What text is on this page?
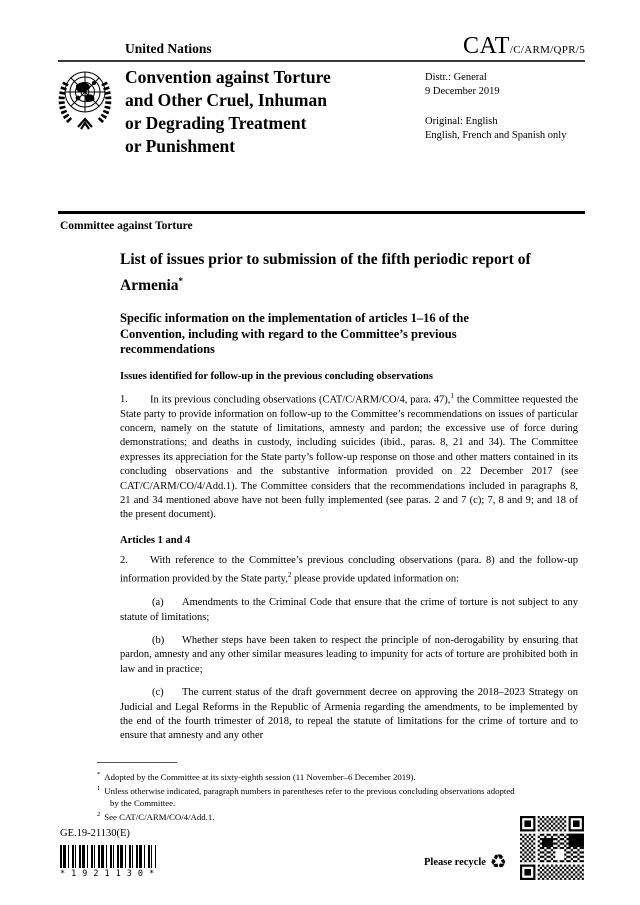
United Nations	CAT/C/ARM/QPR/5
Convention against Torture
and Other Cruel, Inhuman
or Degrading Treatment
or Punishment
Distr.: General
9 December 2019
Original: English
English, French and Spanish only
Committee against Torture
List of issues prior to submission of the fifth periodic report of Armenia*
Specific information on the implementation of articles 1–16 of the Convention, including with regard to the Committee’s previous recommendations
Issues identified for follow-up in the previous concluding observations

1. In its previous concluding observations (CAT/C/ARM/CO/4, para. 47),$^1$ the Committee requested the State party to provide information on follow-up to the Committee’s recommendations on issues of particular concern, namely on the statute of limitations, amnesty and pardon; the excessive use of force during demonstrations; and deaths in custody, including suicides (ibid., paras. 8, 21 and 34). The Committee expresses its appreciation for the State party’s follow-up response on those and other matters contained in its concluding observations and the substantive information provided on 22 December 2017 (see CAT/C/ARM/CO/4/Add.1). The Committee considers that the recommendations included in paragraphs 8, 21 and 34 mentioned above have not been fully implemented (see paras. 2 and 7 (c); 7, 8 and 9; and 18 of the present document).

Articles 1 and 4

2. With reference to the Committee’s previous concluding observations (para. 8) and the follow-up information provided by the State party,$^2$ please provide updated information on:

(a) Amendments to the Criminal Code that ensure that the crime of torture is not subject to any statute of limitations;

(b) Whether steps have been taken to respect the principle of non-derogability by ensuring that pardon, amnesty and any other similar measures leading to impunity for acts of torture are prohibited both in law and in practice;

(c) The current status of the draft government decree on approving the 2018–2023 Strategy on Judicial and Legal Reforms in the Republic of Armenia regarding the amendments, to be implemented by the end of the fourth trimester of 2018, to repeal the statute of limitations for the crime of torture and to ensure that amnesty and any other

* Adopted by the Committee at its sixty-eighth session (11 November–6 December 2019).

$^1$ Unless otherwise indicated, paragraph numbers in parentheses refer to the previous concluding observations adopted by the Committee.

$^2$ See CAT/C/ARM/CO/4/Add.1.

GE.19-21130(E)
*1921130*
Please recycle ♻
